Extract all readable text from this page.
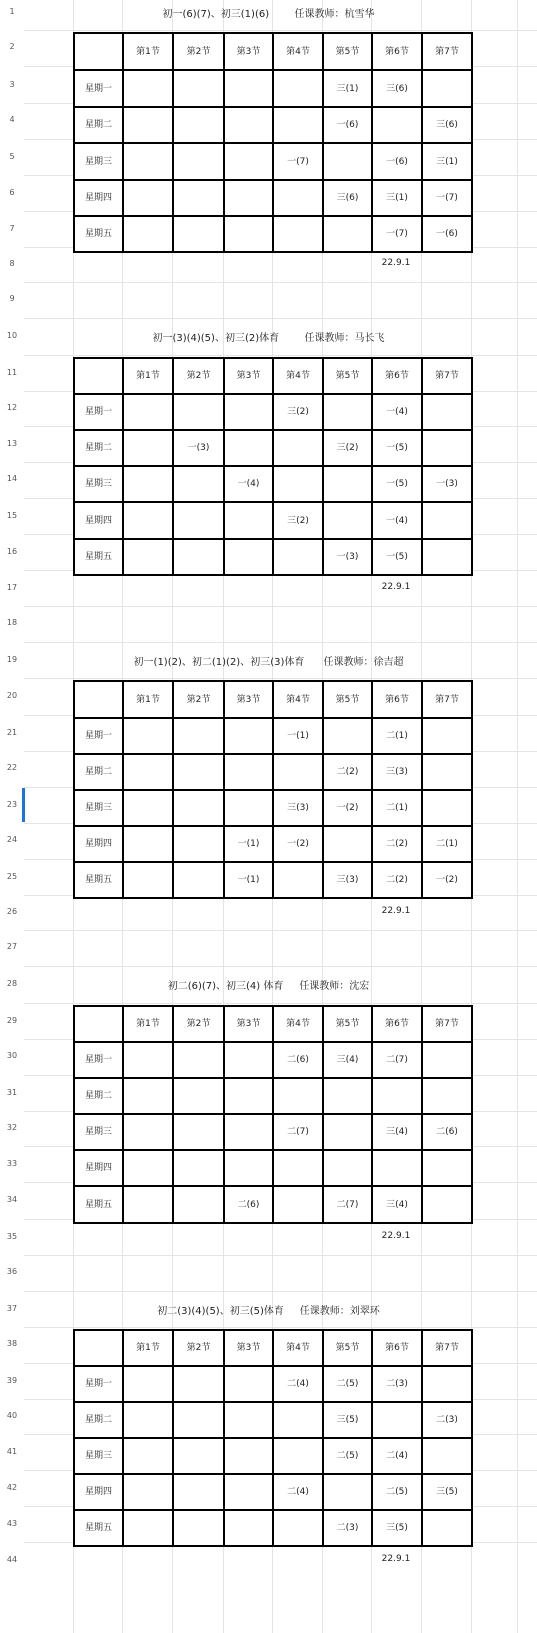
1
2
3
4
5
6
7
8
9
10
11
12
13
14
15
16
17
18
19
20
21
22
23
24
25
26
27
28
29
30
31
32
33
34
35
36
37
38
39
40
41
42
43
44
初一(6)(7)、初三(1)(6)        任课教师：杭雪华
	第1节	第2节	第3节	第4节	第5节	第6节	第7节
星期一					三(1)	三(6)	
星期二					一(6)		三(6)
星期三				一(7)		一(6)	三(1)
星期四					三(6)	三(1)	一(7)
星期五						一(7)	一(6)
22.9.1
初一(3)(4)(5)、初三(2)体育        任课教师：马长飞
	第1节	第2节	第3节	第4节	第5节	第6节	第7节
星期一				三(2)		一(4)	
星期二		一(3)			三(2)	一(5)	
星期三			一(4)			一(5)	一(3)
星期四				三(2)		一(4)	
星期五					一(3)	一(5)	
22.9.1
初一(1)(2)、初二(1)(2)、初三(3)体育      任课教师：徐吉超
	第1节	第2节	第3节	第4节	第5节	第6节	第7节
星期一				一(1)		二(1)	
星期二					二(2)	三(3)	
星期三				三(3)	一(2)	二(1)	
星期四			一(1)	一(2)		二(2)	二(1)
星期五			一(1)		三(3)	二(2)	一(2)
22.9.1
初二(6)(7)、初三(4) 体育     任课教师：沈宏
	第1节	第2节	第3节	第4节	第5节	第6节	第7节
星期一				二(6)	三(4)	二(7)	
星期二							
星期三				二(7)		三(4)	二(6)
星期四							
星期五			二(6)		二(7)	三(4)	
22.9.1
初二(3)(4)(5)、初三(5)体育     任课教师：刘翠环
	第1节	第2节	第3节	第4节	第5节	第6节	第7节
星期一				二(4)	二(5)	二(3)	
星期二					三(5)		二(3)
星期三					二(5)	二(4)	
星期四				二(4)		二(5)	三(5)
星期五					二(3)	三(5)	
22.9.1
